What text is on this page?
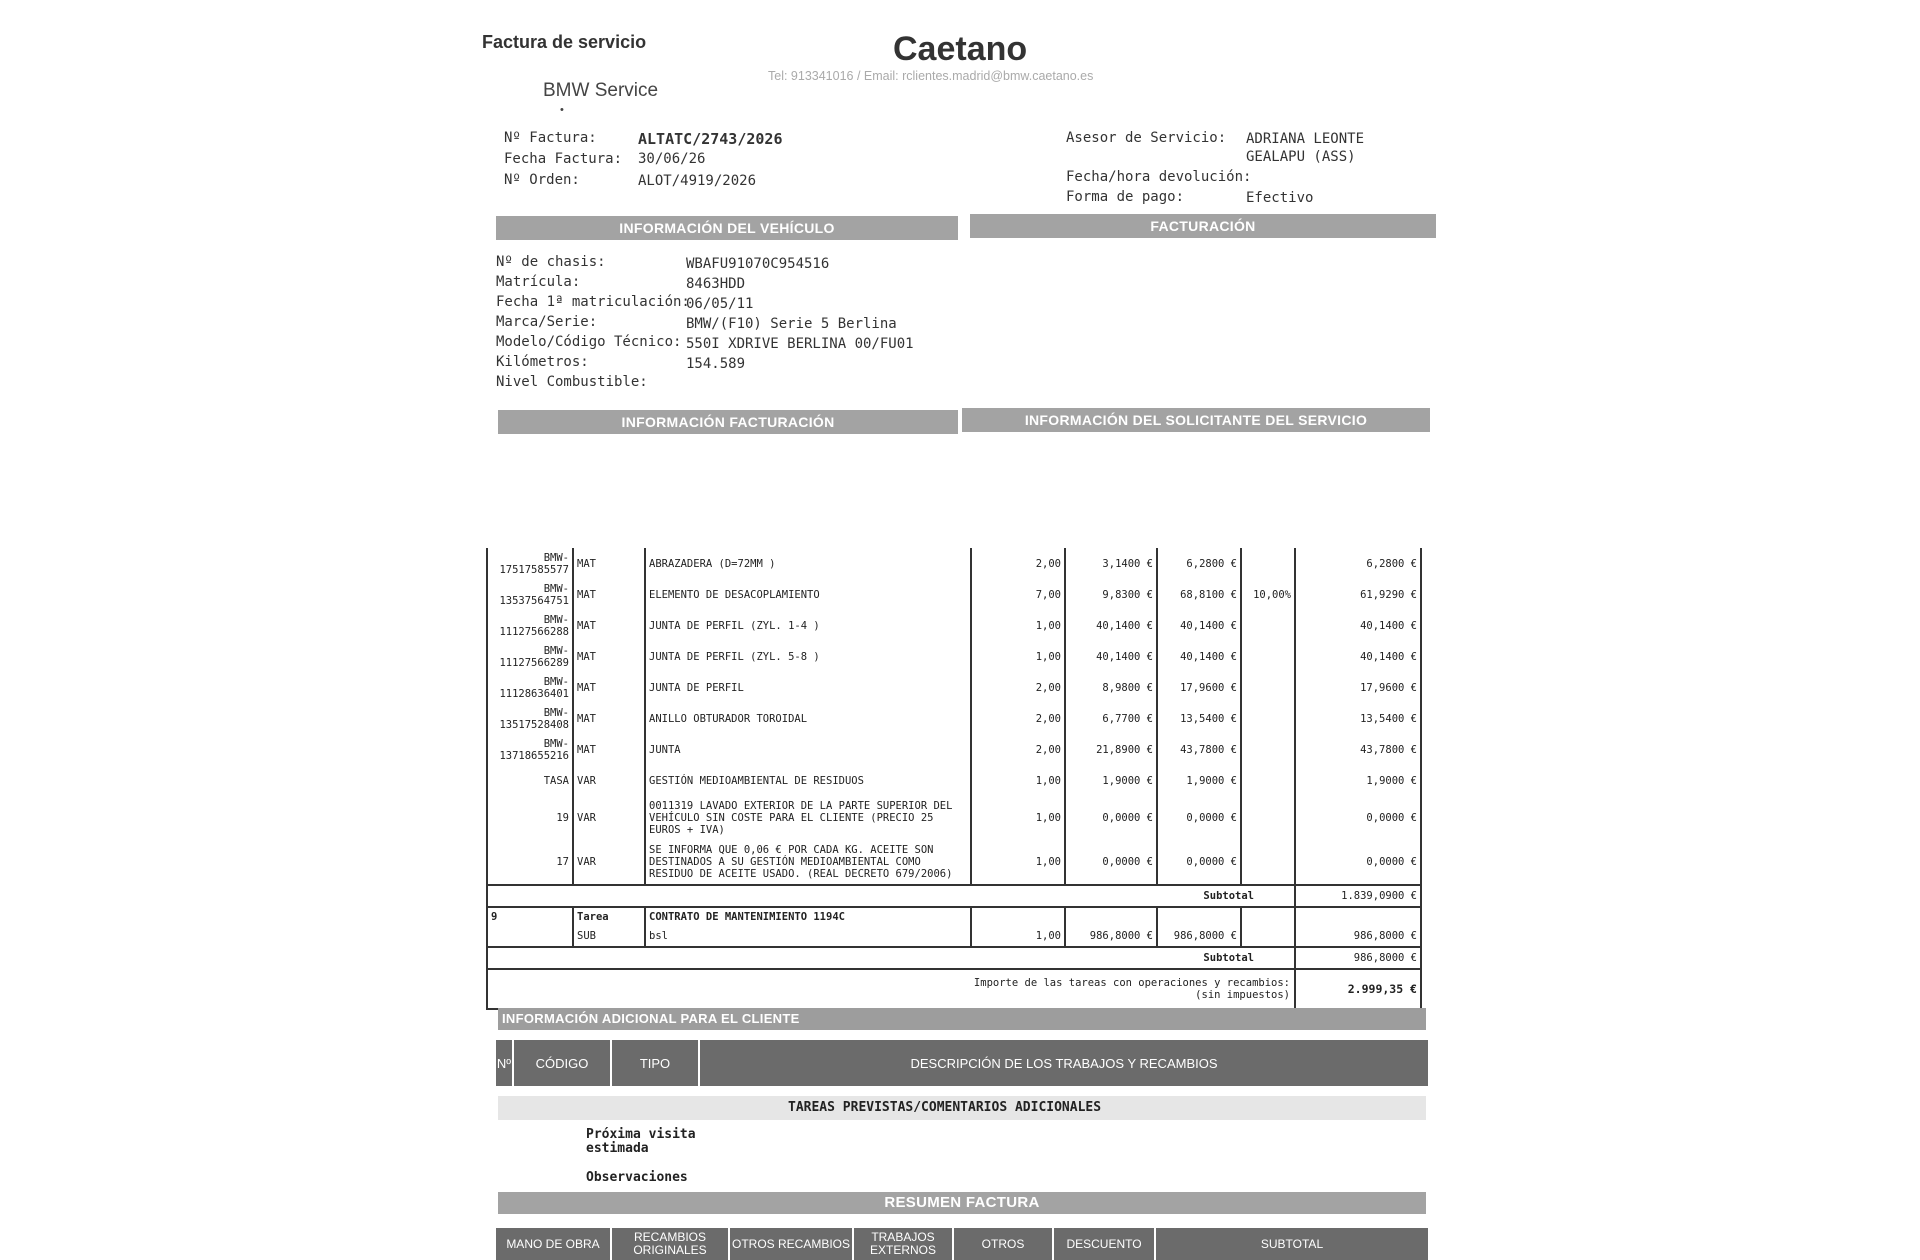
Factura de servicio	Caetano
Tel: 913341016 / Email: rclientes.madrid@bmw.caetano.es
BMW Service
•
Nº Factura:	ALTATC/2743/2026
Fecha Factura: 30/06/26
Nº Orden:	ALOT/4919/2026
Asesor de Servicio: ADRIANA LEONTE
GEALAPU (ASS)
Fecha/hora devolución:
Forma de pago:	Efectivo
INFORMACIÓN DEL VEHÍCULO	FACTURACIÓN
Nº de chasis:	WBAFU91070C954516
Matrícula:	8463HDD
Fecha 1ª matriculación:
06/05/11
Marca/Serie:	BMW/(F10) Serie 5 Berlina
Modelo/Código Técnico: 550I XDRIVE BERLINA 00/FU01
Kilómetros:	154.589
Nivel Combustible:
INFORMACIÓN FACTURACIÓN	INFORMACIÓN DEL SOLICITANTE DEL SERVICIO
BMW-
17517585577	MAT	ABRAZADERA (D=72MM )	2,00	3,1400 €	6,2800 €		6,2800 €

BMW-
13537564751	MAT	ELEMENTO DE DESACOPLAMIENTO	7,00	9,8300 €	68,8100 €	10,00%	61,9290 €

BMW-
11127566288	MAT	JUNTA DE PERFIL (ZYL. 1-4 )	1,00	40,1400 €	40,1400 €		40,1400 €

BMW-
11127566289	MAT	JUNTA DE PERFIL (ZYL. 5-8 )	1,00	40,1400 €	40,1400 €		40,1400 €

BMW-
11128636401	MAT	JUNTA DE PERFIL	2,00	8,9800 €	17,9600 €		17,9600 €

BMW-
13517528408	MAT	ANILLO OBTURADOR TOROIDAL	2,00	6,7700 €	13,5400 €		13,5400 €

BMW-
13718655216	MAT	JUNTA	2,00	21,8900 €	43,7800 €		43,7800 €

TASA	VAR	GESTIÓN MEDIOAMBIENTAL DE RESIDUOS	1,00	1,9000 €	1,9000 €		1,9000 €
19	VAR	0011319 LAVADO EXTERIOR DE LA PARTE SUPERIOR DEL VEHÍCULO SIN COSTE PARA EL CLIENTE (PRECIO 25 EUROS + IVA)	1,00	0,0000 €	0,0000 €		0,0000 €
17	VAR	SE INFORMA QUE 0,06 € POR CADA KG. ACEITE SON DESTINADOS A SU GESTIÓN MEDIOAMBIENTAL COMO RESIDUO DE ACEITE USADO. (REAL DECRETO 679/2006)	1,00	0,0000 €	0,0000 €		0,0000 €
Subtotal							1.839,0900 €
9	Tarea	CONTRATO DE MANTENIMIENTO 1194C					
	SUB	bsl	1,00	986,8000 €	986,8000 €		986,8000 €
Subtotal							986,8000 €

Importe de las tareas con operaciones y recambios:
(sin impuestos)							2.999,35 €
INFORMACIÓN ADICIONAL PARA EL CLIENTE
Nº	CÓDIGO	TIPO	DESCRIPCIÓN DE LOS TRABAJOS Y RECAMBIOS
TAREAS PREVISTAS/COMENTARIOS ADICIONALES
Próxima visita
estimada
Observaciones
RESUMEN FACTURA
MANO DE OBRA	RECAMBIOS ORIGINALES	OTROS RECAMBIOS	TRABAJOS EXTERNOS	OTROS	DESCUENTO	SUBTOTAL
